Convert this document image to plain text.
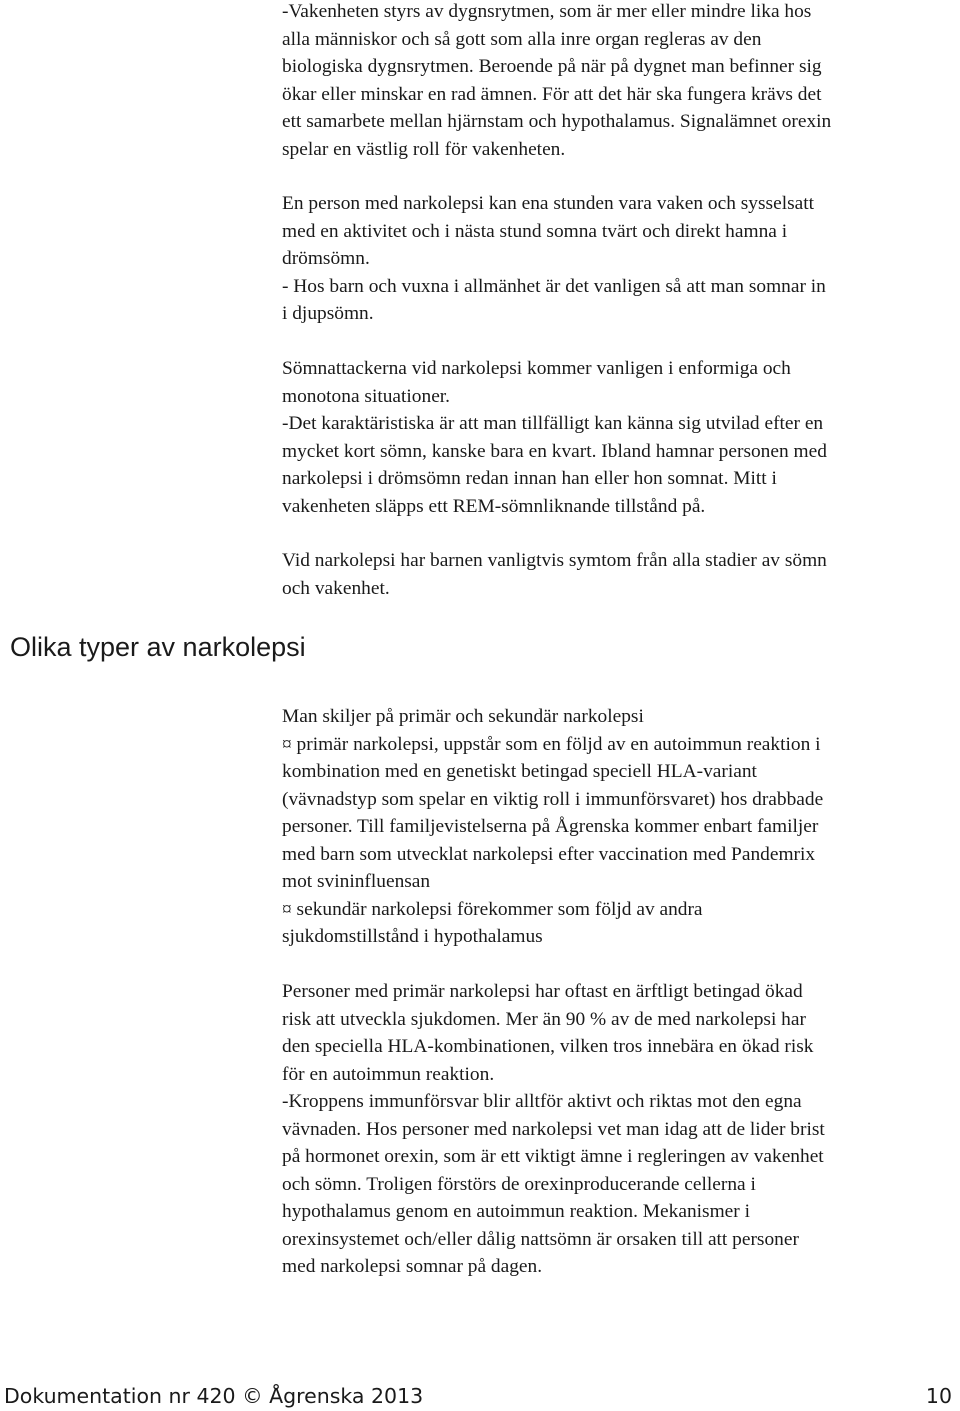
-Vakenheten styrs av dygnsrytmen, som är mer eller mindre lika hos
alla människor och så gott som alla inre organ regleras av den
biologiska dygnsrytmen. Beroende på när på dygnet man befinner sig
ökar eller minskar en rad ämnen. För att det här ska fungera krävs det
ett samarbete mellan hjärnstam och hypothalamus. Signalämnet orexin
spelar en västlig roll för vakenheten.
En person med narkolepsi kan ena stunden vara vaken och sysselsatt
med en aktivitet och i nästa stund somna tvärt och direkt hamna i
drömsömn.
- Hos barn och vuxna i allmänhet är det vanligen så att man somnar in
i djupsömn.
Sömnattackerna vid narkolepsi kommer vanligen i enformiga och
monotona situationer.
-Det karaktäristiska är att man tillfälligt kan känna sig utvilad efter en
mycket kort sömn, kanske bara en kvart. Ibland hamnar personen med
narkolepsi i drömsömn redan innan han eller hon somnat. Mitt i
vakenheten släpps ett REM-sömnliknande tillstånd på.
Vid narkolepsi har barnen vanligtvis symtom från alla stadier av sömn
och vakenhet.
Olika typer av narkolepsi
Man skiljer på primär och sekundär narkolepsi
¤ primär narkolepsi, uppstår som en följd av en autoimmun reaktion i
kombination med en genetiskt betingad speciell HLA-variant
(vävnadstyp som spelar en viktig roll i immunförsvaret) hos drabbade
personer. Till familjevistelserna på Ågrenska kommer enbart familjer
med barn som utvecklat narkolepsi efter vaccination med Pandemrix
mot svininfluensan
¤ sekundär narkolepsi förekommer som följd av andra
sjukdomstillstånd i hypothalamus
Personer med primär narkolepsi har oftast en ärftligt betingad ökad
risk att utveckla sjukdomen. Mer än 90 % av de med narkolepsi har
den speciella HLA-kombinationen, vilken tros innebära en ökad risk
för en autoimmun reaktion.
-Kroppens immunförsvar blir alltför aktivt och riktas mot den egna
vävnaden. Hos personer med narkolepsi vet man idag att de lider brist
på hormonet orexin, som är ett viktigt ämne i regleringen av vakenhet
och sömn. Troligen förstörs de orexinproducerande cellerna i
hypothalamus genom en autoimmun reaktion. Mekanismer i
orexinsystemet och/eller dålig nattsömn är orsaken till att personer
med narkolepsi somnar på dagen.
Dokumentation nr 420 © Ågrenska 2013	10
